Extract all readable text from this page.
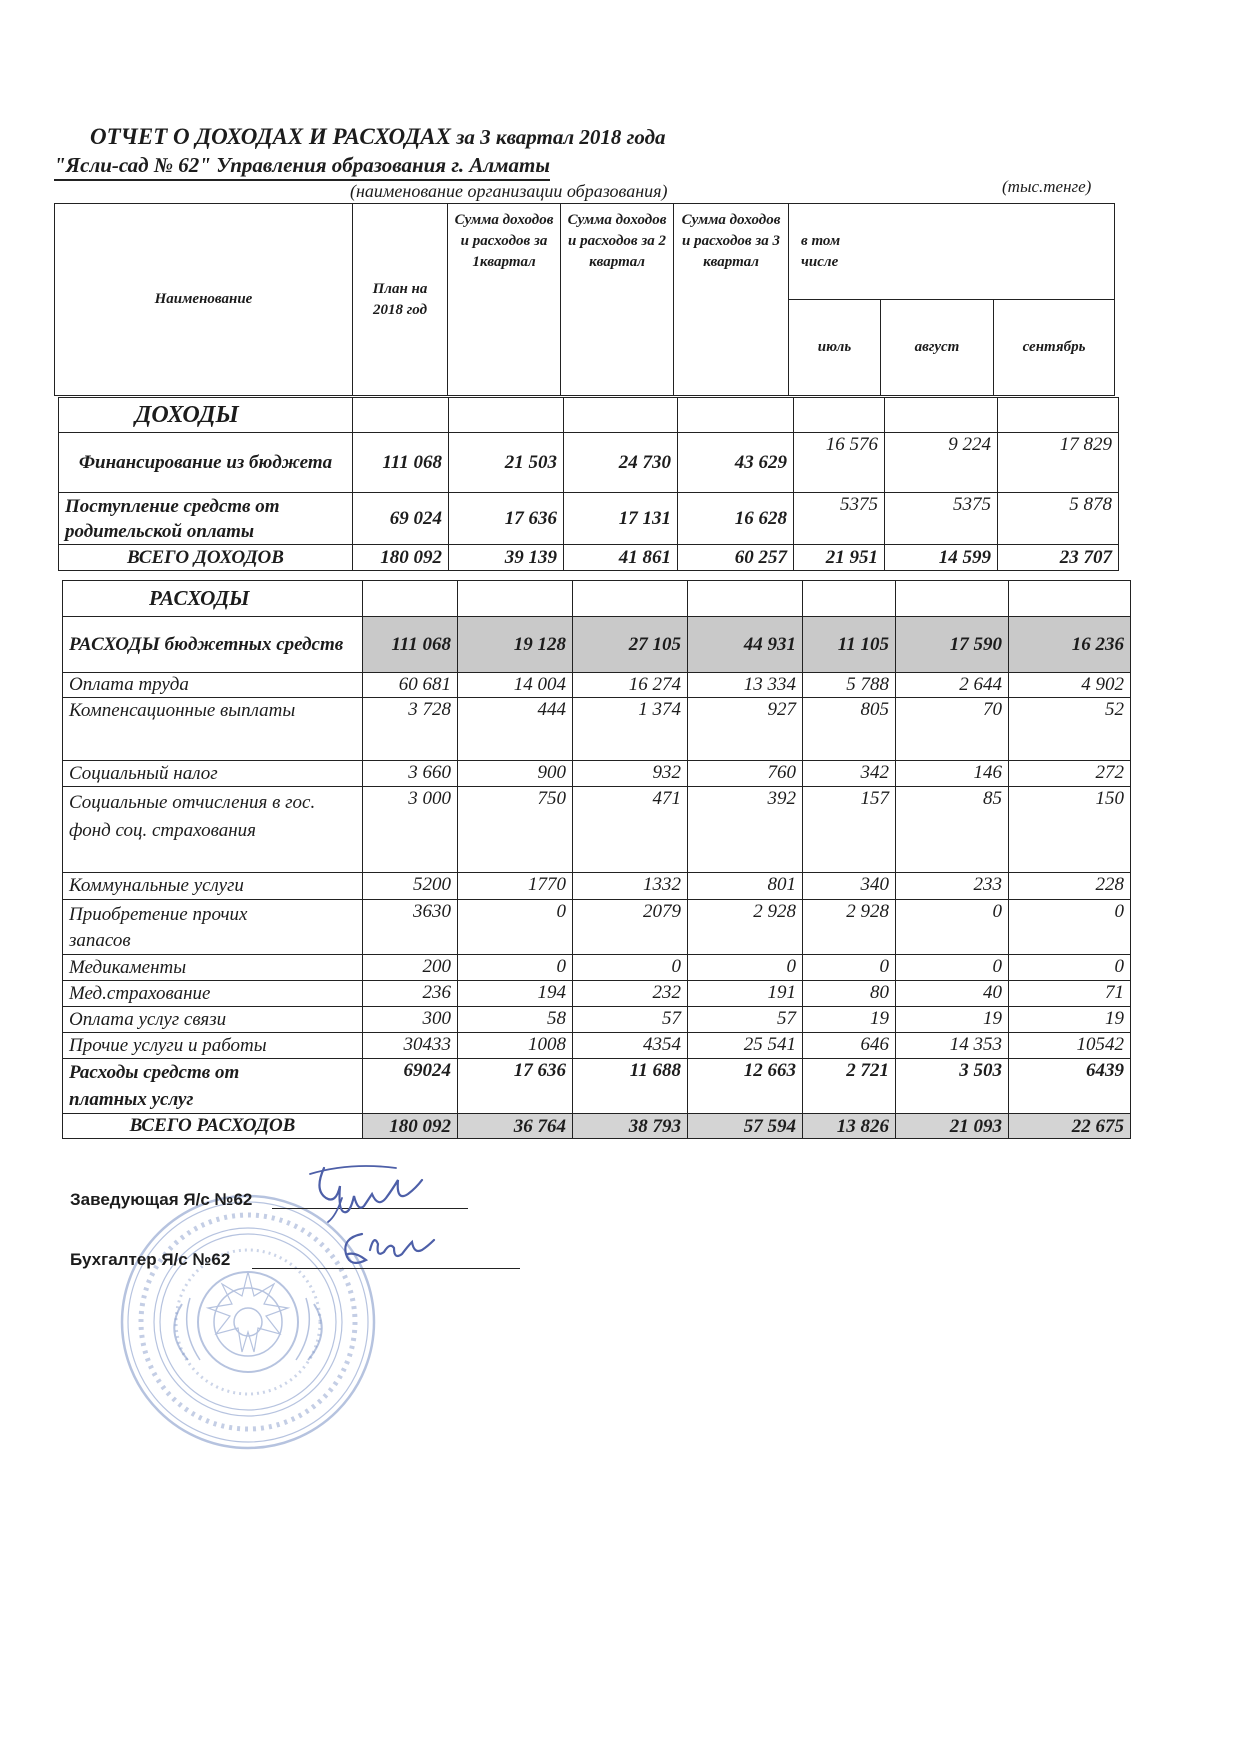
ОТЧЕТ О ДОХОДАХ И РАСХОДАХ за 3 квартал 2018 года
"Ясли-сад № 62" Управления образования г. Алматы
(наименование организации образования)	(тыс.тенге)
Наименование	План на 2018 год	Сумма доходов и расходов за 1квартал	Сумма доходов и расходов за 2 квартал	Сумма доходов и расходов за 3 квартал	в том числе		

					июль	август	сентябрь
ДОХОДЫ							
Финансирование из бюджета	111 068	21 503	24 730	43 629	16 576	9 224	17 829
Поступление средств от родительской оплаты	69 024	17 636	17 131	16 628	5375	5375	5 878
ВСЕГО ДОХОДОВ	180 092	39 139	41 861	60 257	21 951	14 599	23 707
РАСХОДЫ							
РАСХОДЫ бюджетных средств	111 068	19 128	27 105	44 931	11 105	17 590	16 236
Оплата труда	60 681	14 004	16 274	13 334	5 788	2 644	4 902
Компенсационные выплаты	3 728	444	1 374	927	805	70	52
Социальный налог	3 660	900	932	760	342	146	272
Социальные отчисления в гос. фонд соц. страхования	3 000	750	471	392	157	85	150
Коммунальные услуги	5200	1770	1332	801	340	233	228
Приобретение прочих запасов	3630	0	2079	2 928	2 928	0	0
Медикаменты	200	0	0	0	0	0	0
Мед.страхование	236	194	232	191	80	40	71
Оплата услуг связи	300	58	57	57	19	19	19
Прочие услуги и работы	30433	1008	4354	25 541	646	14 353	10542
Расходы средств от платных услуг	69024	17 636	11 688	12 663	2 721	3 503	6439
ВСЕГО РАСХОДОВ	180 092	36 764	38 793	57 594	13 826	21 093	22 675
Заведующая Я/с №62
Бухгалтер Я/с №62
